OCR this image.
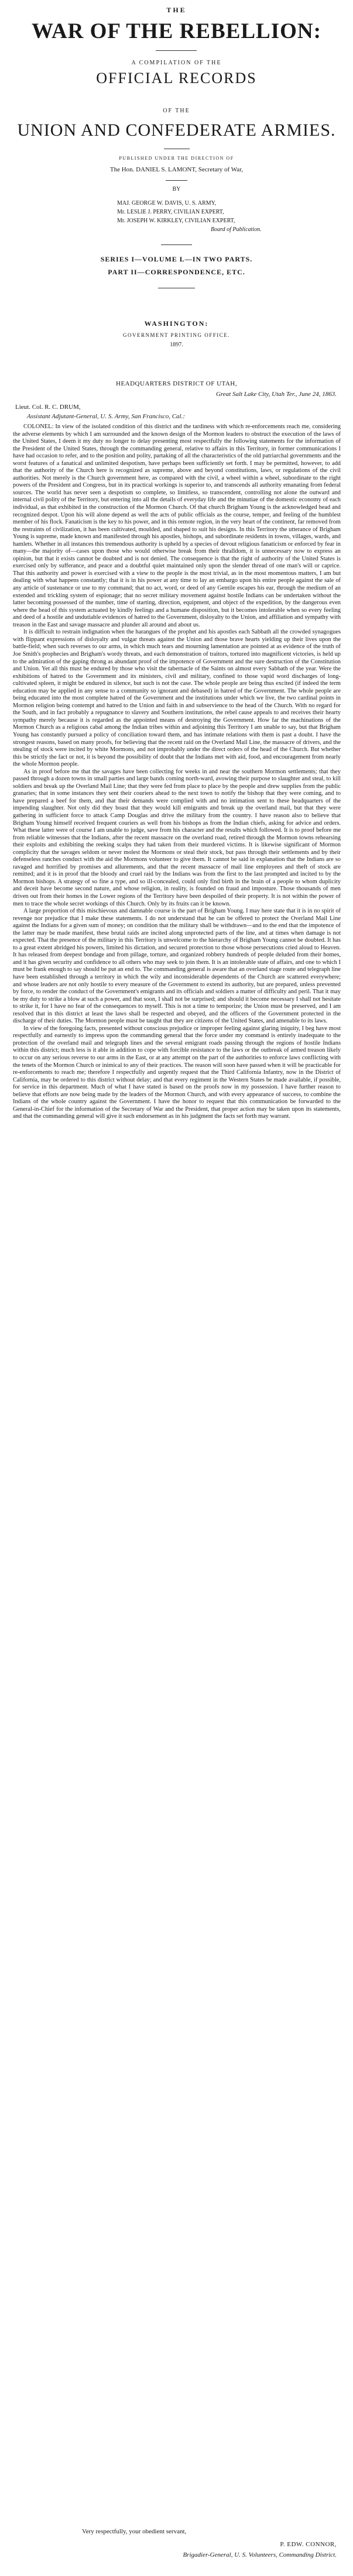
THE
WAR OF THE REBELLION:
A COMPILATION OF THE
OFFICIAL RECORDS
OF THE
UNION AND CONFEDERATE ARMIES.
PUBLISHED UNDER THE DIRECTION OF
The Hon. DANIEL S. LAMONT, Secretary of War,
BY
MAJ. GEORGE W. DAVIS, U. S. ARMY,
Mr. LESLIE J. PERRY, CIVILIAN EXPERT,
Mr. JOSEPH W. KIRKLEY, CIVILIAN EXPERT,
Board of Publication.
SERIES I—VOLUME L—IN TWO PARTS.
PART II—CORRESPONDENCE, ETC.
WASHINGTON:
GOVERNMENT PRINTING OFFICE.
1897.
HEADQUARTERS DISTRICT OF UTAH,
Great Salt Lake City, Utah Ter., June 24, 1863.
Lieut. Col. R. C. DRUM,
Assistant Adjutant-General, U. S. Army, San Francisco, Cal.:

COLONEL: In view of the isolated condition of this district and the tardiness with which re-enforcements reach me, considering the adverse elements by which I am surrounded and the known design of the Mormon leaders to obstruct the execution of the laws of the United States, I deem it my duty no longer to delay presenting most respectfully the following statements for the information of the President of the United States, through the commanding general, relative to affairs in this Territory, in former communications I have had occasion to refer, and to the position and polity, partaking of all the characteristics of the old patriarchal governments and the worst features of a fanatical and unlimited despotism, have perhaps been sufficiently set forth. I may be permitted, however, to add that the authority of the Church here is recognized as supreme, above and beyond constitutions, laws, or regulations of the civil authorities. Not merely is the Church government here, as compared with the civil, a wheel within a wheel, subordinate to the right powers of the President and Congress, but in its practical workings is superior to, and transcends all authority emanating from federal sources. The world has never seen a despotism so complete, so limitless, so transcendent, controlling not alone the outward and internal civil polity of the Territory, but entering into all the details of everyday life and the minutiae of the domestic economy of each individual, as that exhibited in the construction of the Mormon Church. Of that church Brigham Young is the acknowledged head and recognized despot. Upon his will alone depend as well the acts of public officials as the course, temper, and feeling of the humblest member of his flock. Fanaticism is the key to his power, and in this remote region, in the very heart of the continent, far removed from the restraints of civilization, it has been cultivated, moulded, and shaped to suit his designs. In this Territory the utterance of Brigham Young is supreme, made known and manifested through his apostles, bishops, and subordinate residents in towns, villages, wards, and hamlets. Whether in all instances this tremendous authority is upheld by a species of devout religious fanaticism or enforced by fear in many—the majority of—cases upon those who would otherwise break from their thralldom, it is unnecessary now to express an opinion, but that it exists cannot be doubted and is not denied. The consequence is that the right of authority of the United States is exercised only by sufferance, and peace and a doubtful quiet maintained only upon the slender thread of one man's will or caprice. That this authority and power is exercised with a view to the people is the most trivial, as in the most momentous matters, I am but dealing with what happens constantly; that it is in his power at any time to lay an embargo upon his entire people against the sale of any article of sustenance or use to my command; that no act, word, or deed of any Gentile escapes his ear, through the medium of an extended and trickling system of espionage; that no secret military movement against hostile Indians can be undertaken without the latter becoming possessed of the number, time of starting, direction, equipment, and object of the expedition, by the dangerous even where the head of this system actuated by kindly feelings and a humane disposition, but it becomes intolerable when so every feeling and deed of a hostile and undutiable evidences of hatred to the Government, disloyalty to the Union, and affiliation and sympathy with treason in the East and savage massacre and plunder all around and about us.

It is difficult to restrain indignation when the harangues of the prophet and his apostles each Sabbath all the crowded synagogues with flippant expressions of disloyalty and vulgar threats against the Union and those brave hearts yielding up their lives upon the battle-field; when such reverses to our arms, in which much tears and mourning lamentation are pointed at as evidence of the truth of Joe Smith's prophecies and Brigham's wordy threats, and each demonstration of traitors, tortured into magnificent victories, is held up to the admiration of the gaping throng as abundant proof of the impotence of Government and the sure destruction of the Constitution and Union. Yet all this must be endured by those who visit the tabernacle of the Saints on almost every Sabbath of the year. Were the exhibitions of hatred to the Government and its ministers, civil and military, confined to those vapid word discharges of long-cultivated spleen, it might be endured in silence, but such is not the case. The whole people are being thus excited (if indeed the term education may be applied in any sense to a community so ignorant and debased) in hatred of the Government. The whole people are being educated into the most complete hatred of the Government and the institutions under which we live, the two cardinal points in Mormon religion being contempt and hatred to the Union and faith in and subservience to the head of the Church. With no regard for the South, and in fact probably a repugnance to slavery and Southern institutions, the rebel cause appeals to and receives their hearty sympathy merely because it is regarded as the appointed means of destroying the Government. How far the machinations of the Mormon Church as a religious cabal among the Indian tribes within and adjoining this Territory I am unable to say, but that Brigham Young has constantly pursued a policy of conciliation toward them, and has intimate relations with them is past a doubt. I have the strongest reasons, based on many proofs, for believing that the recent raid on the Overland Mail Line, the massacre of drivers, and the stealing of stock were incited by white Mormons, and not improbably under the direct orders of the head of the Church. But whether this be strictly the fact or not, it is beyond the possibility of doubt that the Indians met with aid, food, and encouragement from nearly the whole Mormon people.

As in proof before me that the savages have been collecting for weeks in and near the southern Mormon settlements; that they passed through a dozen towns in small parties and large bands coming north-ward, avowing their purpose to slaughter and steal, to kill soldiers and break up the Overland Mail Line; that they were fed from place to place by the people and drew supplies from the public granaries; that in some instances they sent their couriers ahead to the next town to notify the bishop that they were coming, and to have prepared a beef for them, and that their demands were complied with and no intimation sent to these headquarters of the impending slaughter. Not only did they boast that they would kill emigrants and break up the overland mail, but that they were gathering in sufficient force to attack Camp Douglas and drive the military from the country. I have reason also to believe that Brigham Young himself received frequent couriers as well from his bishops as from the Indian chiefs, asking for advice and orders. What these latter were of course I am unable to judge, save from his character and the results which followed. It is to proof before me from reliable witnesses that the Indians, after the recent massacre on the overland road, retired through the Mormon towns rehearsing their exploits and exhibiting the reeking scalps they had taken from their murdered victims. It is likewise significant of Mormon complicity that the savages seldom or never molest the Mormons or steal their stock, but pass through their settlements and by their defenseless ranches conduct with the aid the Mormons volunteer to give them. It cannot be said in explanation that the Indians are so ravaged and horrified by promises and allurements, and that the recent massacre of mail line employees and theft of stock are remitted; and it is in proof that the bloody and cruel raid by the Indians was from the first to the last prompted and incited to by the Mormon bishops. A strategy of so fine a type, and so ill-concealed, could only find birth in the brain of a people to whom duplicity and deceit have become second nature, and whose religion, in reality, is founded on fraud and imposture. Those thousands of men driven out from their homes in the Lower regions of the Territory have been despoiled of their property. It is not within the power of men to trace the whole secret workings of this Church. Only by its fruits can it be known.

A large proportion of this mischievous and damnable course is the part of Brigham Young. I may here state that it is in no spirit of revenge nor prejudice that I make these statements. I do not understand that he can be offered to protect the Overland Mail Line against the Indians for a given sum of money; on condition that the military shall be withdrawn—and to the end that the impotence of the latter may be made manifest, these brutal raids are incited along unprotected parts of the line, and at times when damage is not expected. That the presence of the military in this Territory is unwelcome to the hierarchy of Brigham Young cannot be doubted. It has to a great extent abridged his powers, limited his dictation, and secured protection to those whose persecutions cried aloud to Heaven. It has released from deepest bondage and from pillage, torture, and organized robbery hundreds of people deluded from their homes, and it has given security and confidence to all others who may seek to join them. It is an intolerable state of affairs, and one to which I must be frank enough to say should be put an end to. The commanding general is aware that an overland stage route and telegraph line have been established through a territory in which the wily and inconsiderable dependents of the Church are scattered everywhere; and whose leaders are not only hostile to every measure of the Government to extend its authority, but are prepared, unless prevented by force, to render the conduct of the Government's emigrants and its officials and soldiers a matter of difficulty and peril. That it may be my duty to strike a blow at such a power, and that soon, I shall not be surprised; and should it become necessary I shall not hesitate to strike it, for I have no fear of the consequences to myself. This is not a time to temporize; the Union must be preserved, and I am resolved that in this district at least the laws shall be respected and obeyed, and the officers of the Government protected in the discharge of their duties. The Mormon people must be taught that they are citizens of the United States, and amenable to its laws.

In view of the foregoing facts, presented without conscious prejudice or improper feeling against glaring iniquity, I beg have most respectfully and earnestly to impress upon the commanding general that the force under my command is entirely inadequate to the protection of the overland mail and telegraph lines and the several emigrant roads passing through the regions of hostile Indians within this district; much less is it able in addition to cope with forcible resistance to the laws or the outbreak of armed treason likely to occur on any serious reverse to our arms in the East, or at any attempt on the part of the authorities to enforce laws conflicting with the tenets of the Mormon Church or inimical to any of their practices. The reason will soon have passed when it will be practicable for re-enforcements to reach me; therefore I respectfully and urgently request that the Third California Infantry, now in the District of California, may be ordered to this district without delay; and that every regiment in the Western States be made available, if possible, for service in this department. Much of what I have stated is based on the proofs now in my possession. I have further reason to believe that efforts are now being made by the leaders of the Mormon Church, and with every appearance of success, to combine the Indians of the whole country against the Government. I have the honor to request that this communication be forwarded to the General-in-Chief for the information of the Secretary of War and the President, that proper action may be taken upon its statements, and that the commanding general will give it such endorsement as in his judgment the facts set forth may warrant.

Very respectfully, your obedient servant,
P. EDW. CONNOR,
Brigadier-General, U. S. Volunteers, Commanding District.
